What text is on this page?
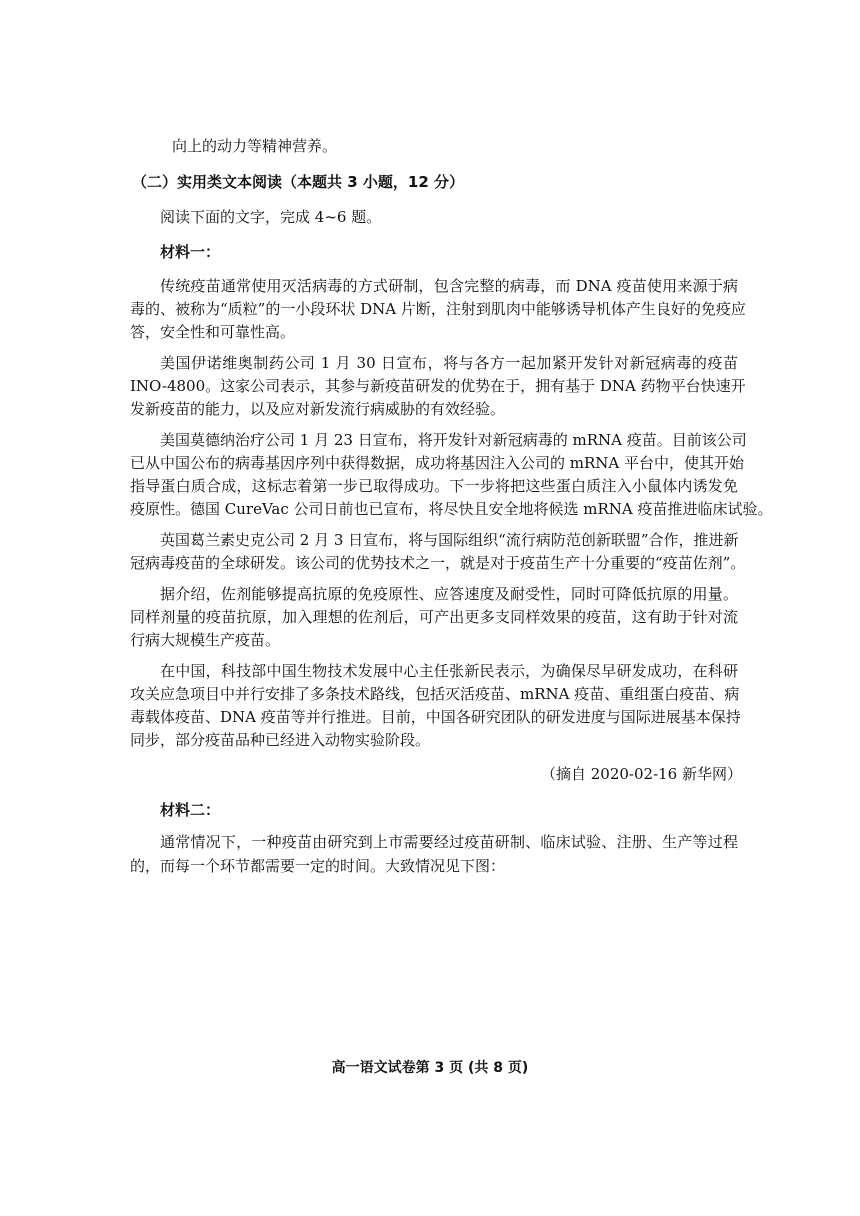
向上的动力等精神营养。
（二）实用类文本阅读（本题共 3 小题，12 分）
阅读下面的文字，完成 4~6 题。
材料一：
传统疫苗通常使用灭活病毒的方式研制，包含完整的病毒，而 DNA 疫苗使用来源于病
毒的、被称为“质粒”的一小段环状 DNA 片断，注射到肌肉中能够诱导机体产生良好的免疫应
答，安全性和可靠性高。
美国伊诺维奥制药公司 1 月 30 日宣布，将与各方一起加紧开发针对新冠病毒的疫苗
INO-4800。这家公司表示，其参与新疫苗研发的优势在于，拥有基于 DNA 药物平台快速开
发新疫苗的能力，以及应对新发流行病威胁的有效经验。
美国莫德纳治疗公司 1 月 23 日宣布，将开发针对新冠病毒的 mRNA 疫苗。目前该公司
已从中国公布的病毒基因序列中获得数据，成功将基因注入公司的 mRNA 平台中，使其开始
指导蛋白质合成，这标志着第一步已取得成功。下一步将把这些蛋白质注入小鼠体内诱发免
疫原性。德国 CureVac 公司日前也已宣布，将尽快且安全地将候选 mRNA 疫苗推进临床试验。
英国葛兰素史克公司 2 月 3 日宣布，将与国际组织“流行病防范创新联盟”合作，推进新
冠病毒疫苗的全球研发。该公司的优势技术之一，就是对于疫苗生产十分重要的“疫苗佐剂”。
据介绍，佐剂能够提高抗原的免疫原性、应答速度及耐受性，同时可降低抗原的用量。
同样剂量的疫苗抗原，加入理想的佐剂后，可产出更多支同样效果的疫苗，这有助于针对流
行病大规模生产疫苗。
在中国，科技部中国生物技术发展中心主任张新民表示，为确保尽早研发成功，在科研
攻关应急项目中并行安排了多条技术路线，包括灭活疫苗、mRNA 疫苗、重组蛋白疫苗、病
毒载体疫苗、DNA 疫苗等并行推进。目前，中国各研究团队的研发进度与国际进展基本保持
同步，部分疫苗品种已经进入动物实验阶段。
（摘自 2020-02-16 新华网）
材料二：
通常情况下，一种疫苗由研究到上市需要经过疫苗研制、临床试验、注册、生产等过程
的，而每一个环节都需要一定的时间。大致情况见下图：
高一语文试卷第 3 页 (共 8 页)
